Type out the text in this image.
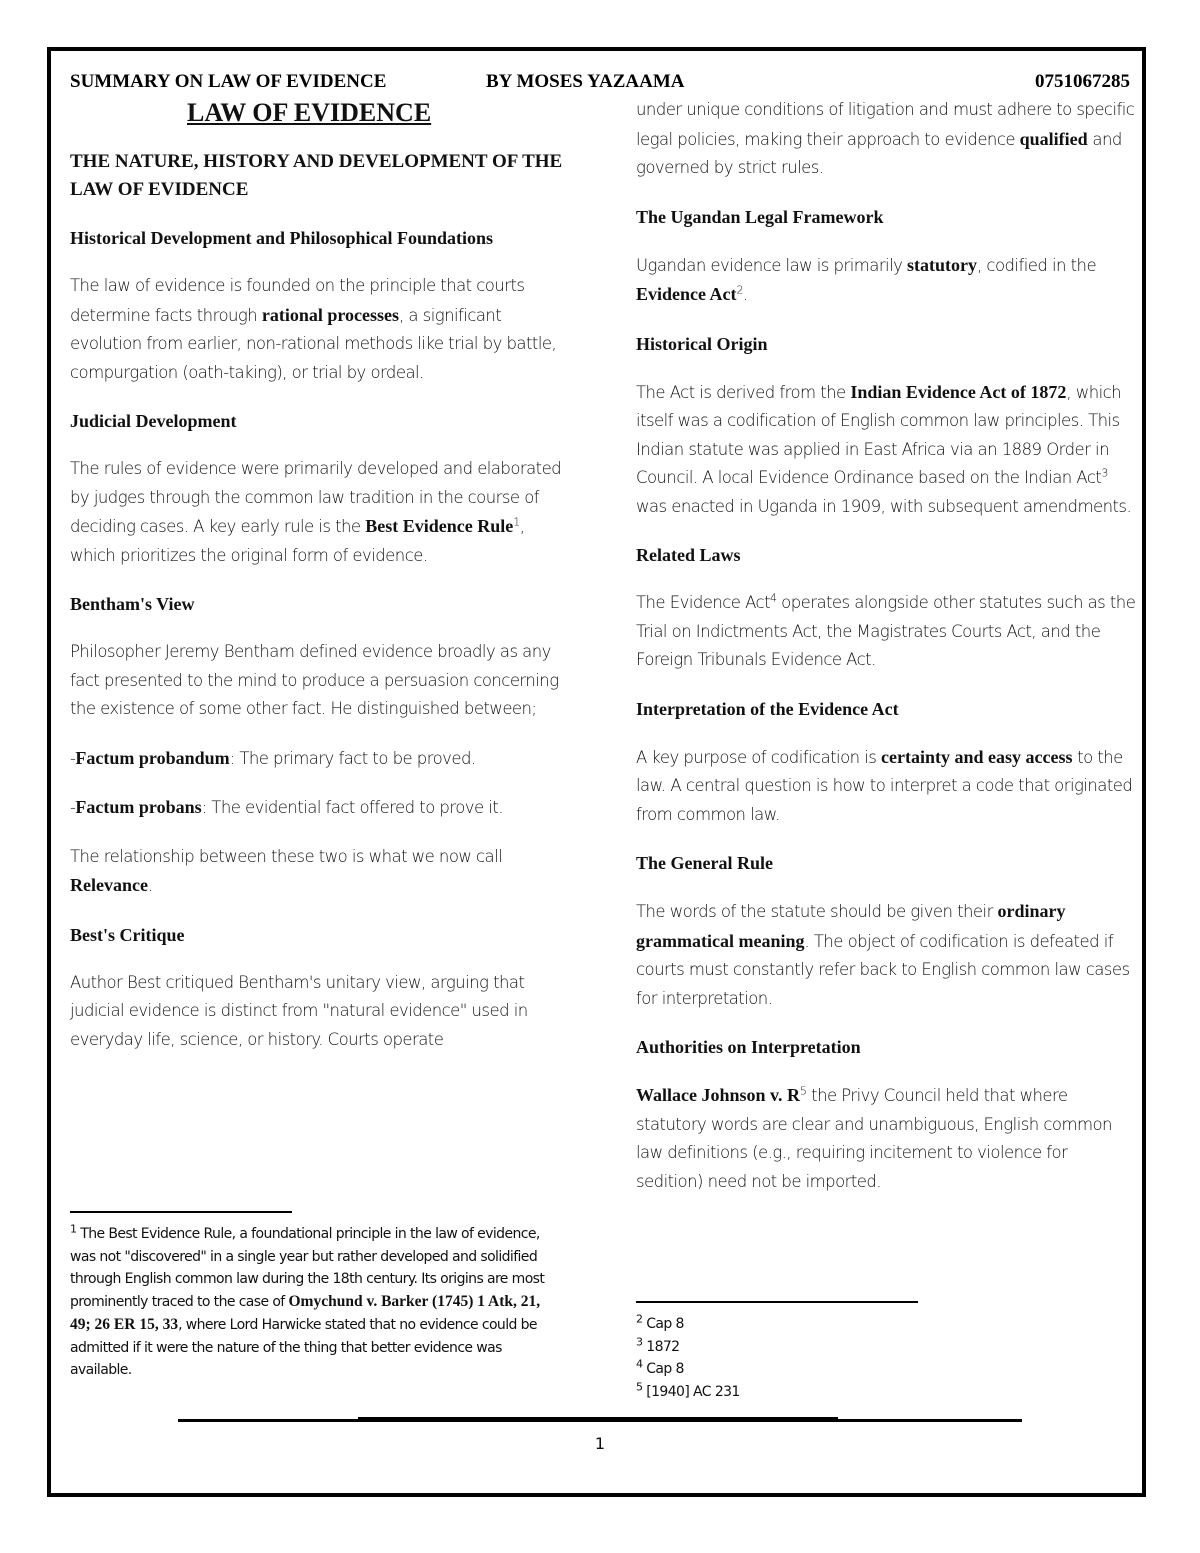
SUMMARY ON LAW OF EVIDENCE	BY MOSES YAZAAMA	0751067285
LAW OF EVIDENCE
THE NATURE, HISTORY AND DEVELOPMENT OF THE LAW OF EVIDENCE
Historical Development and Philosophical Foundations
The law of evidence is founded on the principle that courts determine facts through rational processes, a significant evolution from earlier, non-rational methods like trial by battle, compurgation (oath-taking), or trial by ordeal.
Judicial Development
The rules of evidence were primarily developed and elaborated by judges through the common law tradition in the course of deciding cases. A key early rule is the Best Evidence Rule$^1$, which prioritizes the original form of evidence.
Bentham's View
Philosopher Jeremy Bentham defined evidence broadly as any fact presented to the mind to produce a persuasion concerning the existence of some other fact. He distinguished between;
-Factum probandum: The primary fact to be proved.
-Factum probans: The evidential fact offered to prove it.
The relationship between these two is what we now call Relevance.
Best's Critique
Author Best critiqued Bentham's unitary view, arguing that judicial evidence is distinct from "natural evidence" used in everyday life, science, or history. Courts operate
under unique conditions of litigation and must adhere to specific legal policies, making their approach to evidence qualified and governed by strict rules.
The Ugandan Legal Framework
Ugandan evidence law is primarily statutory, codified in the Evidence Act$^2$.
Historical Origin
The Act is derived from the Indian Evidence Act of 1872, which itself was a codification of English common law principles. This Indian statute was applied in East Africa via an 1889 Order in Council. A local Evidence Ordinance based on the Indian Act$^3$ was enacted in Uganda in 1909, with subsequent amendments.
Related Laws
The Evidence Act$^4$ operates alongside other statutes such as the Trial on Indictments Act, the Magistrates Courts Act, and the Foreign Tribunals Evidence Act.
Interpretation of the Evidence Act
A key purpose of codification is certainty and easy access to the law. A central question is how to interpret a code that originated from common law.
The General Rule
The words of the statute should be given their ordinary grammatical meaning. The object of codification is defeated if courts must constantly refer back to English common law cases for interpretation.
Authorities on Interpretation
Wallace Johnson v. $R^5$ the Privy Council held that where statutory words are clear and unambiguous, English common law definitions (e.g., requiring incitement to violence for sedition) need not be imported.
$^1$ The Best Evidence Rule, a foundational principle in the law of evidence, was not "discovered" in a single year but rather developed and solidified through English common law during the 18th century. Its origins are most prominently traced to the case of Omychund v. Barker (1745) 1 Atk, 21, 49; 26 ER 15, 33, where Lord Harwicke stated that no evidence could be admitted if it were the nature of the thing that better evidence was available.
$^2$ Cap 8
$^3$ 1872
$^4$ Cap 8
$^5$ [1940] AC 231
1
